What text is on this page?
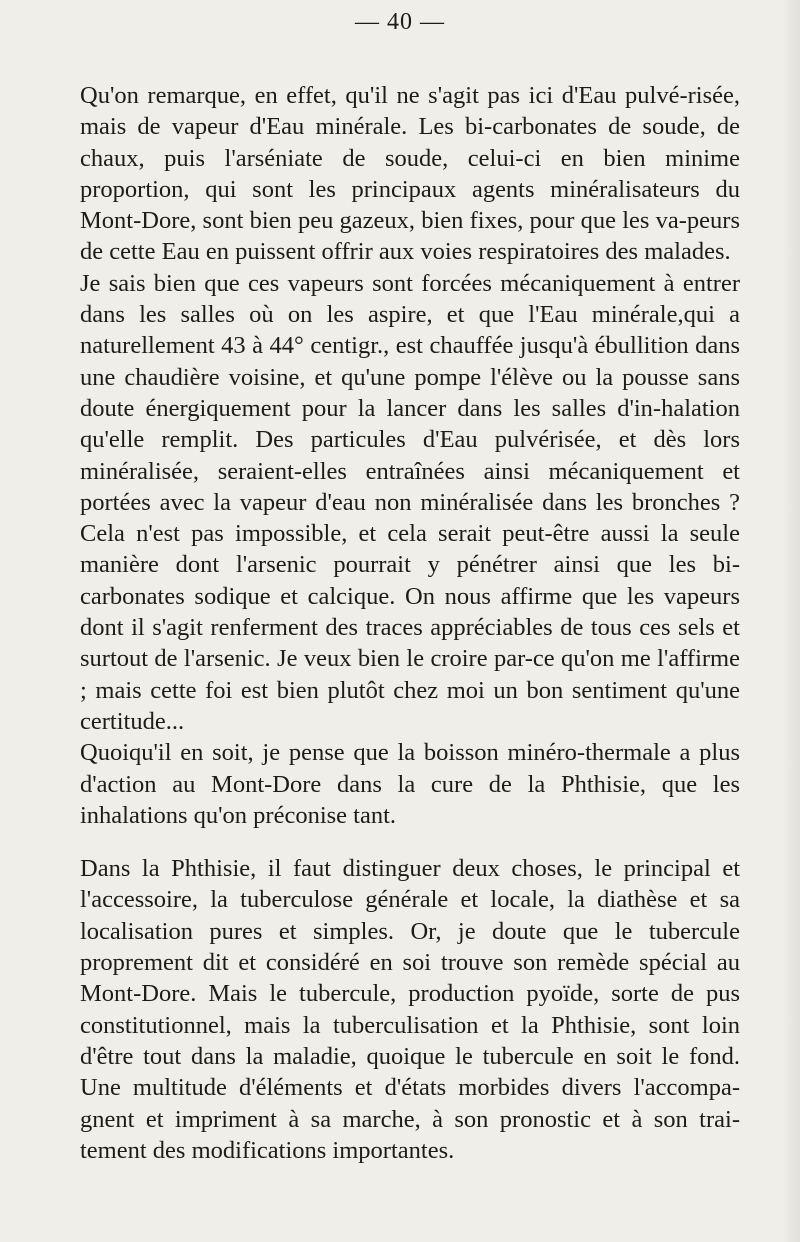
— 40 —

Qu'on remarque, en effet, qu'il ne s'agit pas ici d'Eau pulvé-risée, mais de vapeur d'Eau minérale. Les bi-carbonates de soude, de chaux, puis l'arséniate de soude, celui-ci en bien minime proportion, qui sont les principaux agents minéralisateurs du Mont-Dore, sont bien peu gazeux, bien fixes, pour que les va-peurs de cette Eau en puissent offrir aux voies respiratoires des malades.

Je sais bien que ces vapeurs sont forcées mécaniquement à entrer dans les salles où on les aspire, et que l'Eau minérale,qui a naturellement 43 à 44° centigr., est chauffée jusqu'à ébullition dans une chaudière voisine, et qu'une pompe l'élève ou la pousse sans doute énergiquement pour la lancer dans les salles d'in-halation qu'elle remplit. Des particules d'Eau pulvérisée, et dès lors minéralisée, seraient-elles entraînées ainsi mécaniquement et portées avec la vapeur d'eau non minéralisée dans les bronches ? Cela n'est pas impossible, et cela serait peut-être aussi la seule manière dont l'arsenic pourrait y pénétrer ainsi que les bi-carbonates sodique et calcique. On nous affirme que les vapeurs dont il s'agit renferment des traces appréciables de tous ces sels et surtout de l'arsenic. Je veux bien le croire par-ce qu'on me l'affirme ; mais cette foi est bien plutôt chez moi un bon sentiment qu'une certitude...

Quoiqu'il en soit, je pense que la boisson minéro-thermale a plus d'action au Mont-Dore dans la cure de la Phthisie, que les inhalations qu'on préconise tant.

Dans la Phthisie, il faut distinguer deux choses, le principal et l'accessoire, la tuberculose générale et locale, la diathèse et sa localisation pures et simples. Or, je doute que le tubercule proprement dit et considéré en soi trouve son remède spécial au Mont-Dore. Mais le tubercule, production pyoïde, sorte de pus constitutionnel, mais la tuberculisation et la Phthisie, sont loin d'être tout dans la maladie, quoique le tubercule en soit le fond. Une multitude d'éléments et d'états morbides divers l'accompa-gnent et impriment à sa marche, à son pronostic et à son trai-tement des modifications importantes.
